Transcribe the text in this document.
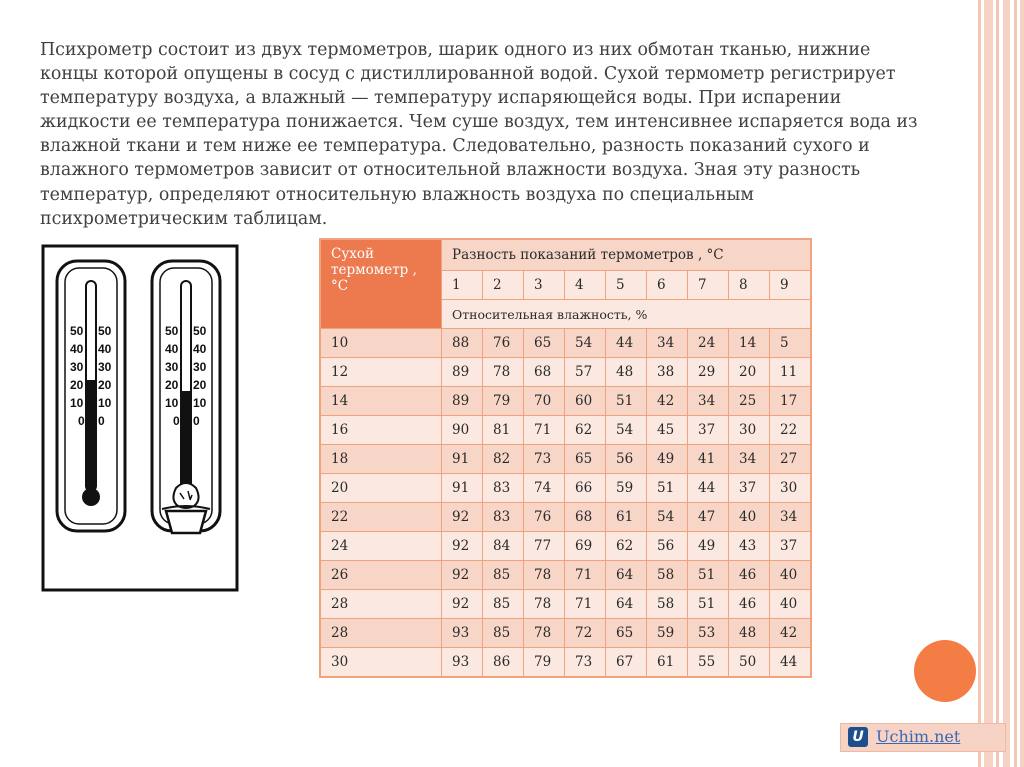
Психрометр состоит из двух термометров, шарик одного из них обмотан тканью, нижние
концы которой опущены в сосуд с дистиллированной водой. Сухой термометр регистрирует
температуру воздуха, а влажный — температуру испаряющейся воды. При испарении
жидкости ее температура понижается. Чем суше воздух, тем интенсивнее испаряется вода из
влажной ткани и тем ниже ее температура. Следовательно, разность показаний сухого и
влажного термометров зависит от относительной влажности воздуха. Зная эту разность
температур, определяют относительную влажность воздуха по специальным
психрометрическим таблицам.
50 50
40 40
30 30
20 20
10 10
0 0
50 50
40 40
30 30
20 20
10 10
0 0
Сухой термометр , °С	Разность показаний термометров , °С								
	1	2	3	4	5	6	7	8	9
	Относительная влажность, %								
10	88	76	65	54	44	34	24	14	5
12	89	78	68	57	48	38	29	20	11
14	89	79	70	60	51	42	34	25	17
16	90	81	71	62	54	45	37	30	22
18	91	82	73	65	56	49	41	34	27
20	91	83	74	66	59	51	44	37	30
22	92	83	76	68	61	54	47	40	34
24	92	84	77	69	62	56	49	43	37
26	92	85	78	71	64	58	51	46	40
28	92	85	78	71	64	58	51	46	40
28	93	85	78	72	65	59	53	48	42
30	93	86	79	73	67	61	55	50	44
U Uchim.net
